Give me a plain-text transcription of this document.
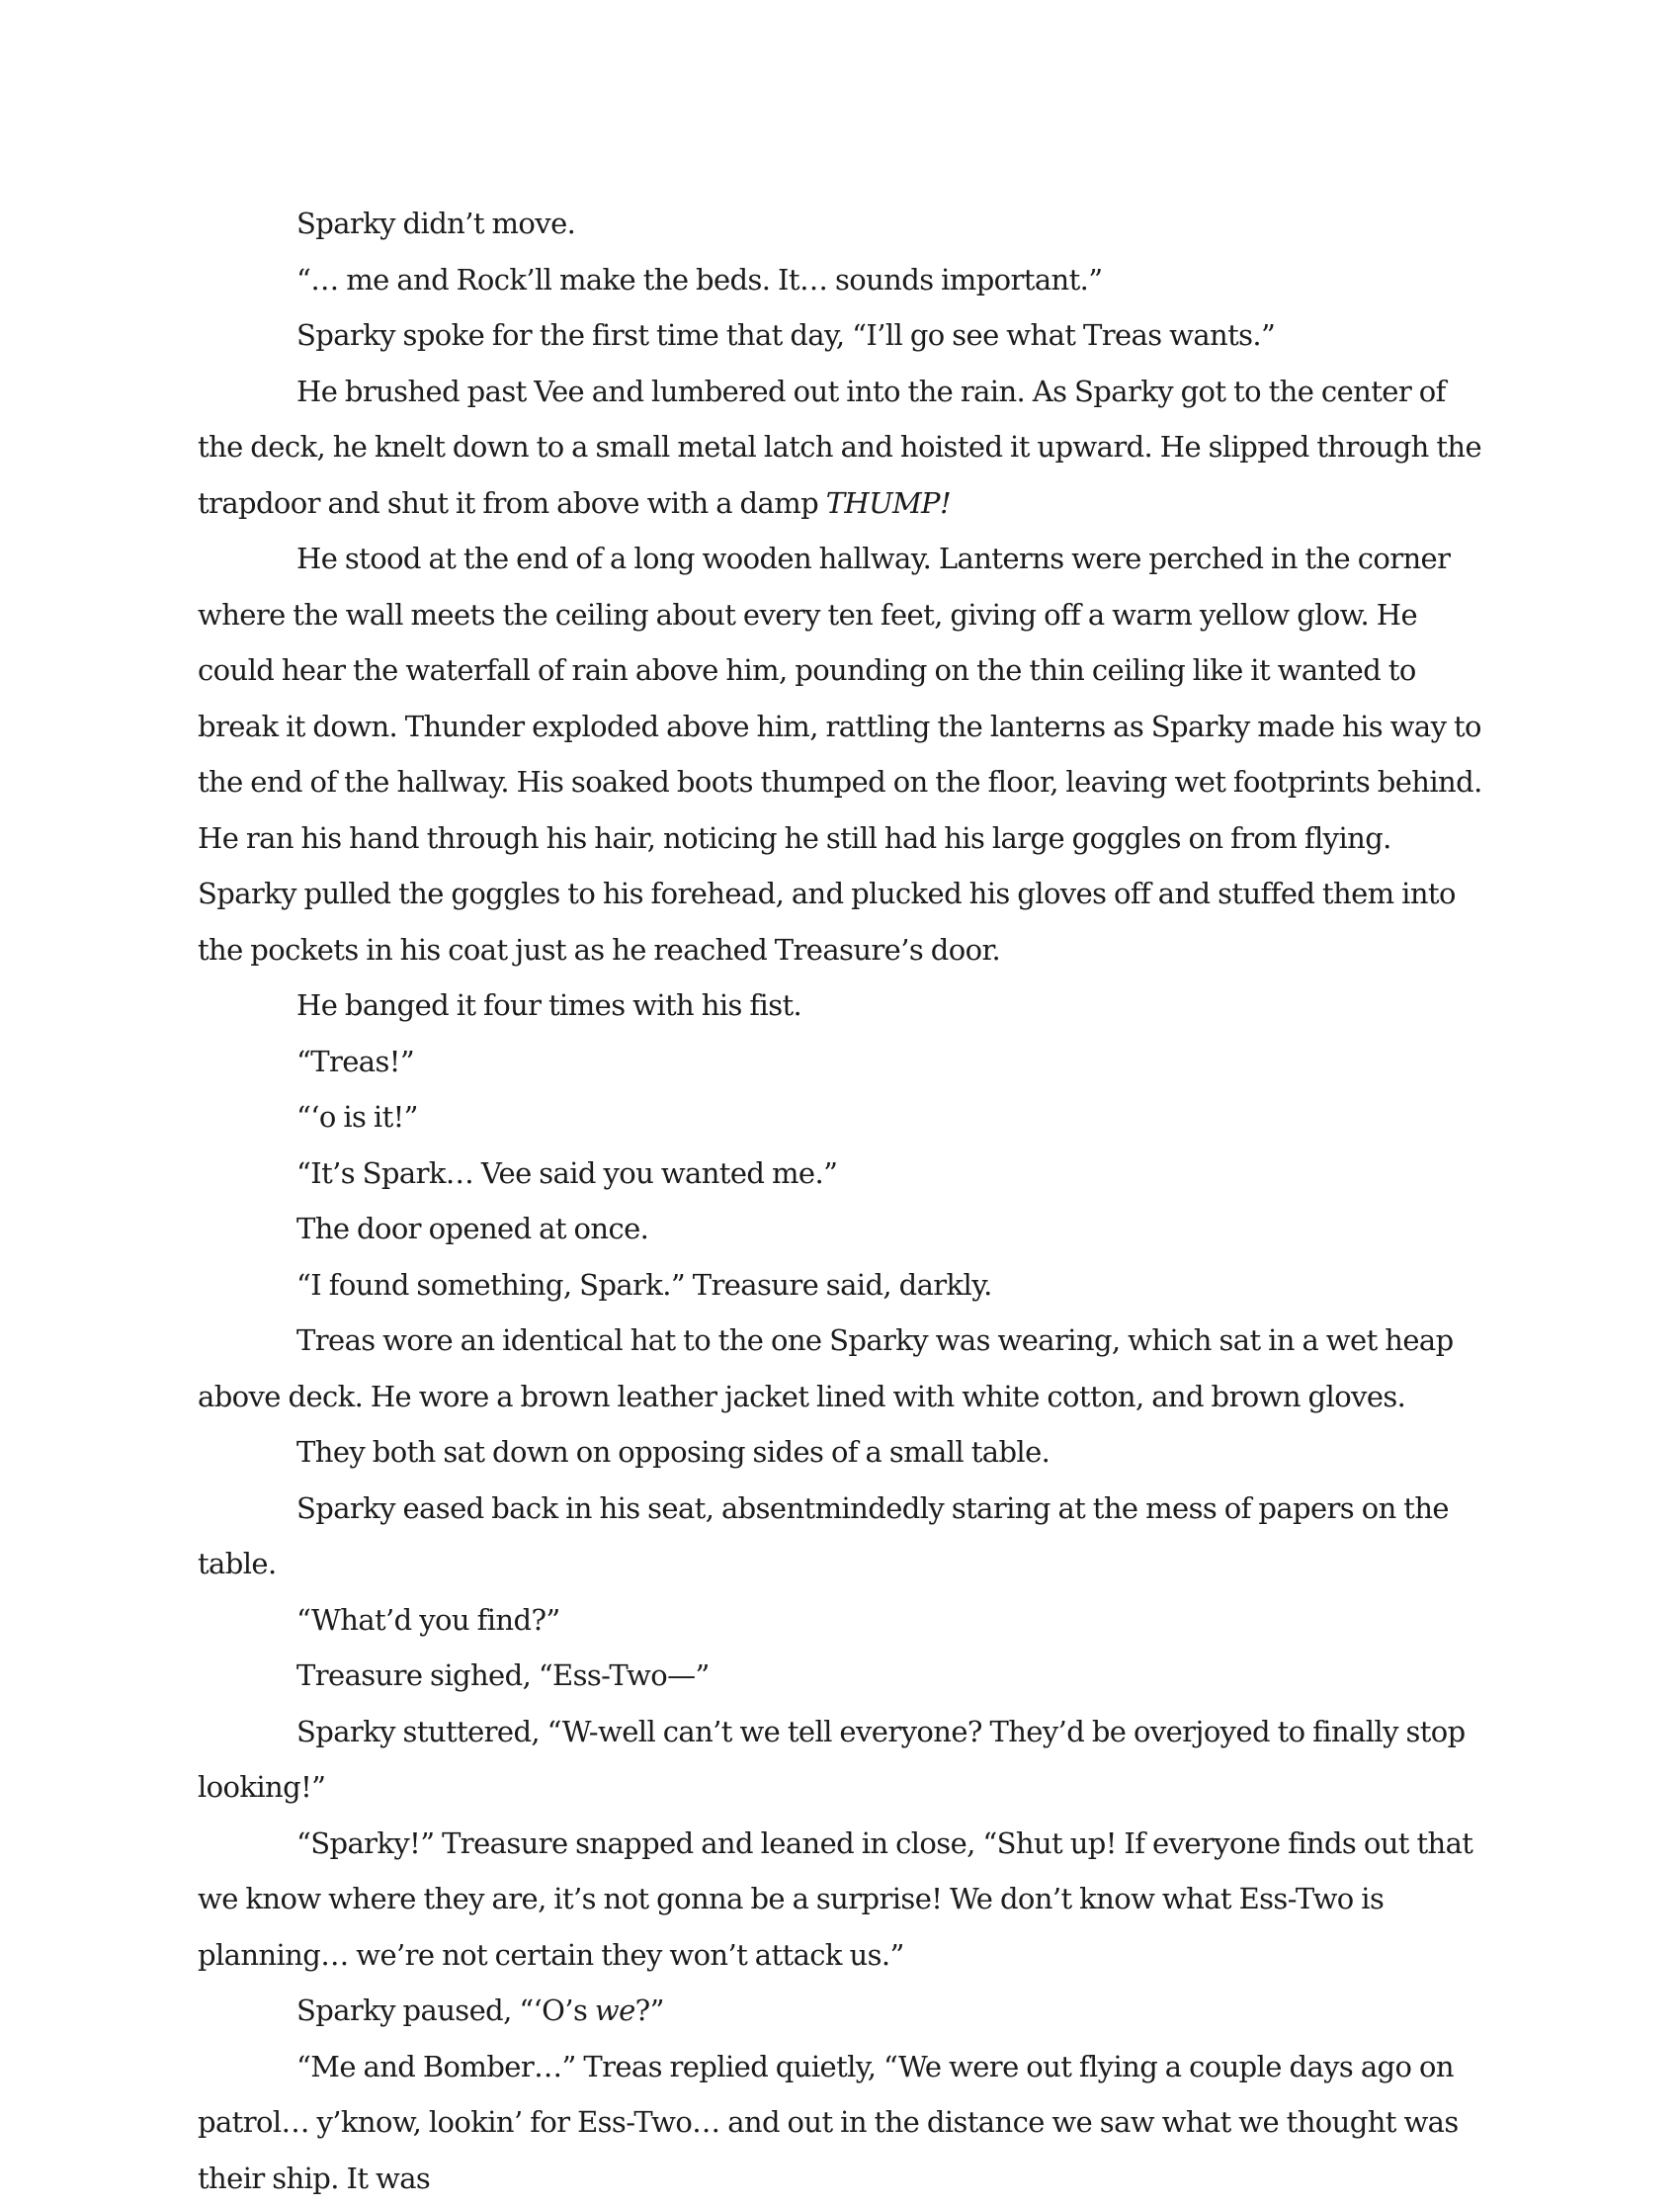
Sparky didn’t move.

“… me and Rock’ll make the beds. It… sounds important.”

Sparky spoke for the first time that day, “I’ll go see what Treas wants.”

He brushed past Vee and lumbered out into the rain. As Sparky got to the center of the deck, he knelt down to a small metal latch and hoisted it upward. He slipped through the trapdoor and shut it from above with a damp THUMP!

He stood at the end of a long wooden hallway. Lanterns were perched in the corner where the wall meets the ceiling about every ten feet, giving off a warm yellow glow. He could hear the waterfall of rain above him, pounding on the thin ceiling like it wanted to break it down. Thunder exploded above him, rattling the lanterns as Sparky made his way to the end of the hallway. His soaked boots thumped on the floor, leaving wet footprints behind. He ran his hand through his hair, noticing he still had his large goggles on from flying. Sparky pulled the goggles to his forehead, and plucked his gloves off and stuffed them into the pockets in his coat just as he reached Treasure’s door.

He banged it four times with his fist.

“Treas!”

“‘o is it!”

“It’s Spark… Vee said you wanted me.”

The door opened at once.

“I found something, Spark.” Treasure said, darkly.

Treas wore an identical hat to the one Sparky was wearing, which sat in a wet heap above deck. He wore a brown leather jacket lined with white cotton, and brown gloves.

They both sat down on opposing sides of a small table.

Sparky eased back in his seat, absentmindedly staring at the mess of papers on the table.

“What’d you find?”

Treasure sighed, “Ess-Two—”

Sparky stuttered, “W-well can’t we tell everyone? They’d be overjoyed to finally stop looking!”

“Sparky!” Treasure snapped and leaned in close, “Shut up! If everyone finds out that we know where they are, it’s not gonna be a surprise! We don’t know what Ess-Two is planning… we’re not certain they won’t attack us.”

Sparky paused, “‘O’s we?”

“Me and Bomber…” Treas replied quietly, “We were out flying a couple days ago on patrol… y’know, lookin’ for Ess-Two… and out in the distance we saw what we thought was their ship. It was
